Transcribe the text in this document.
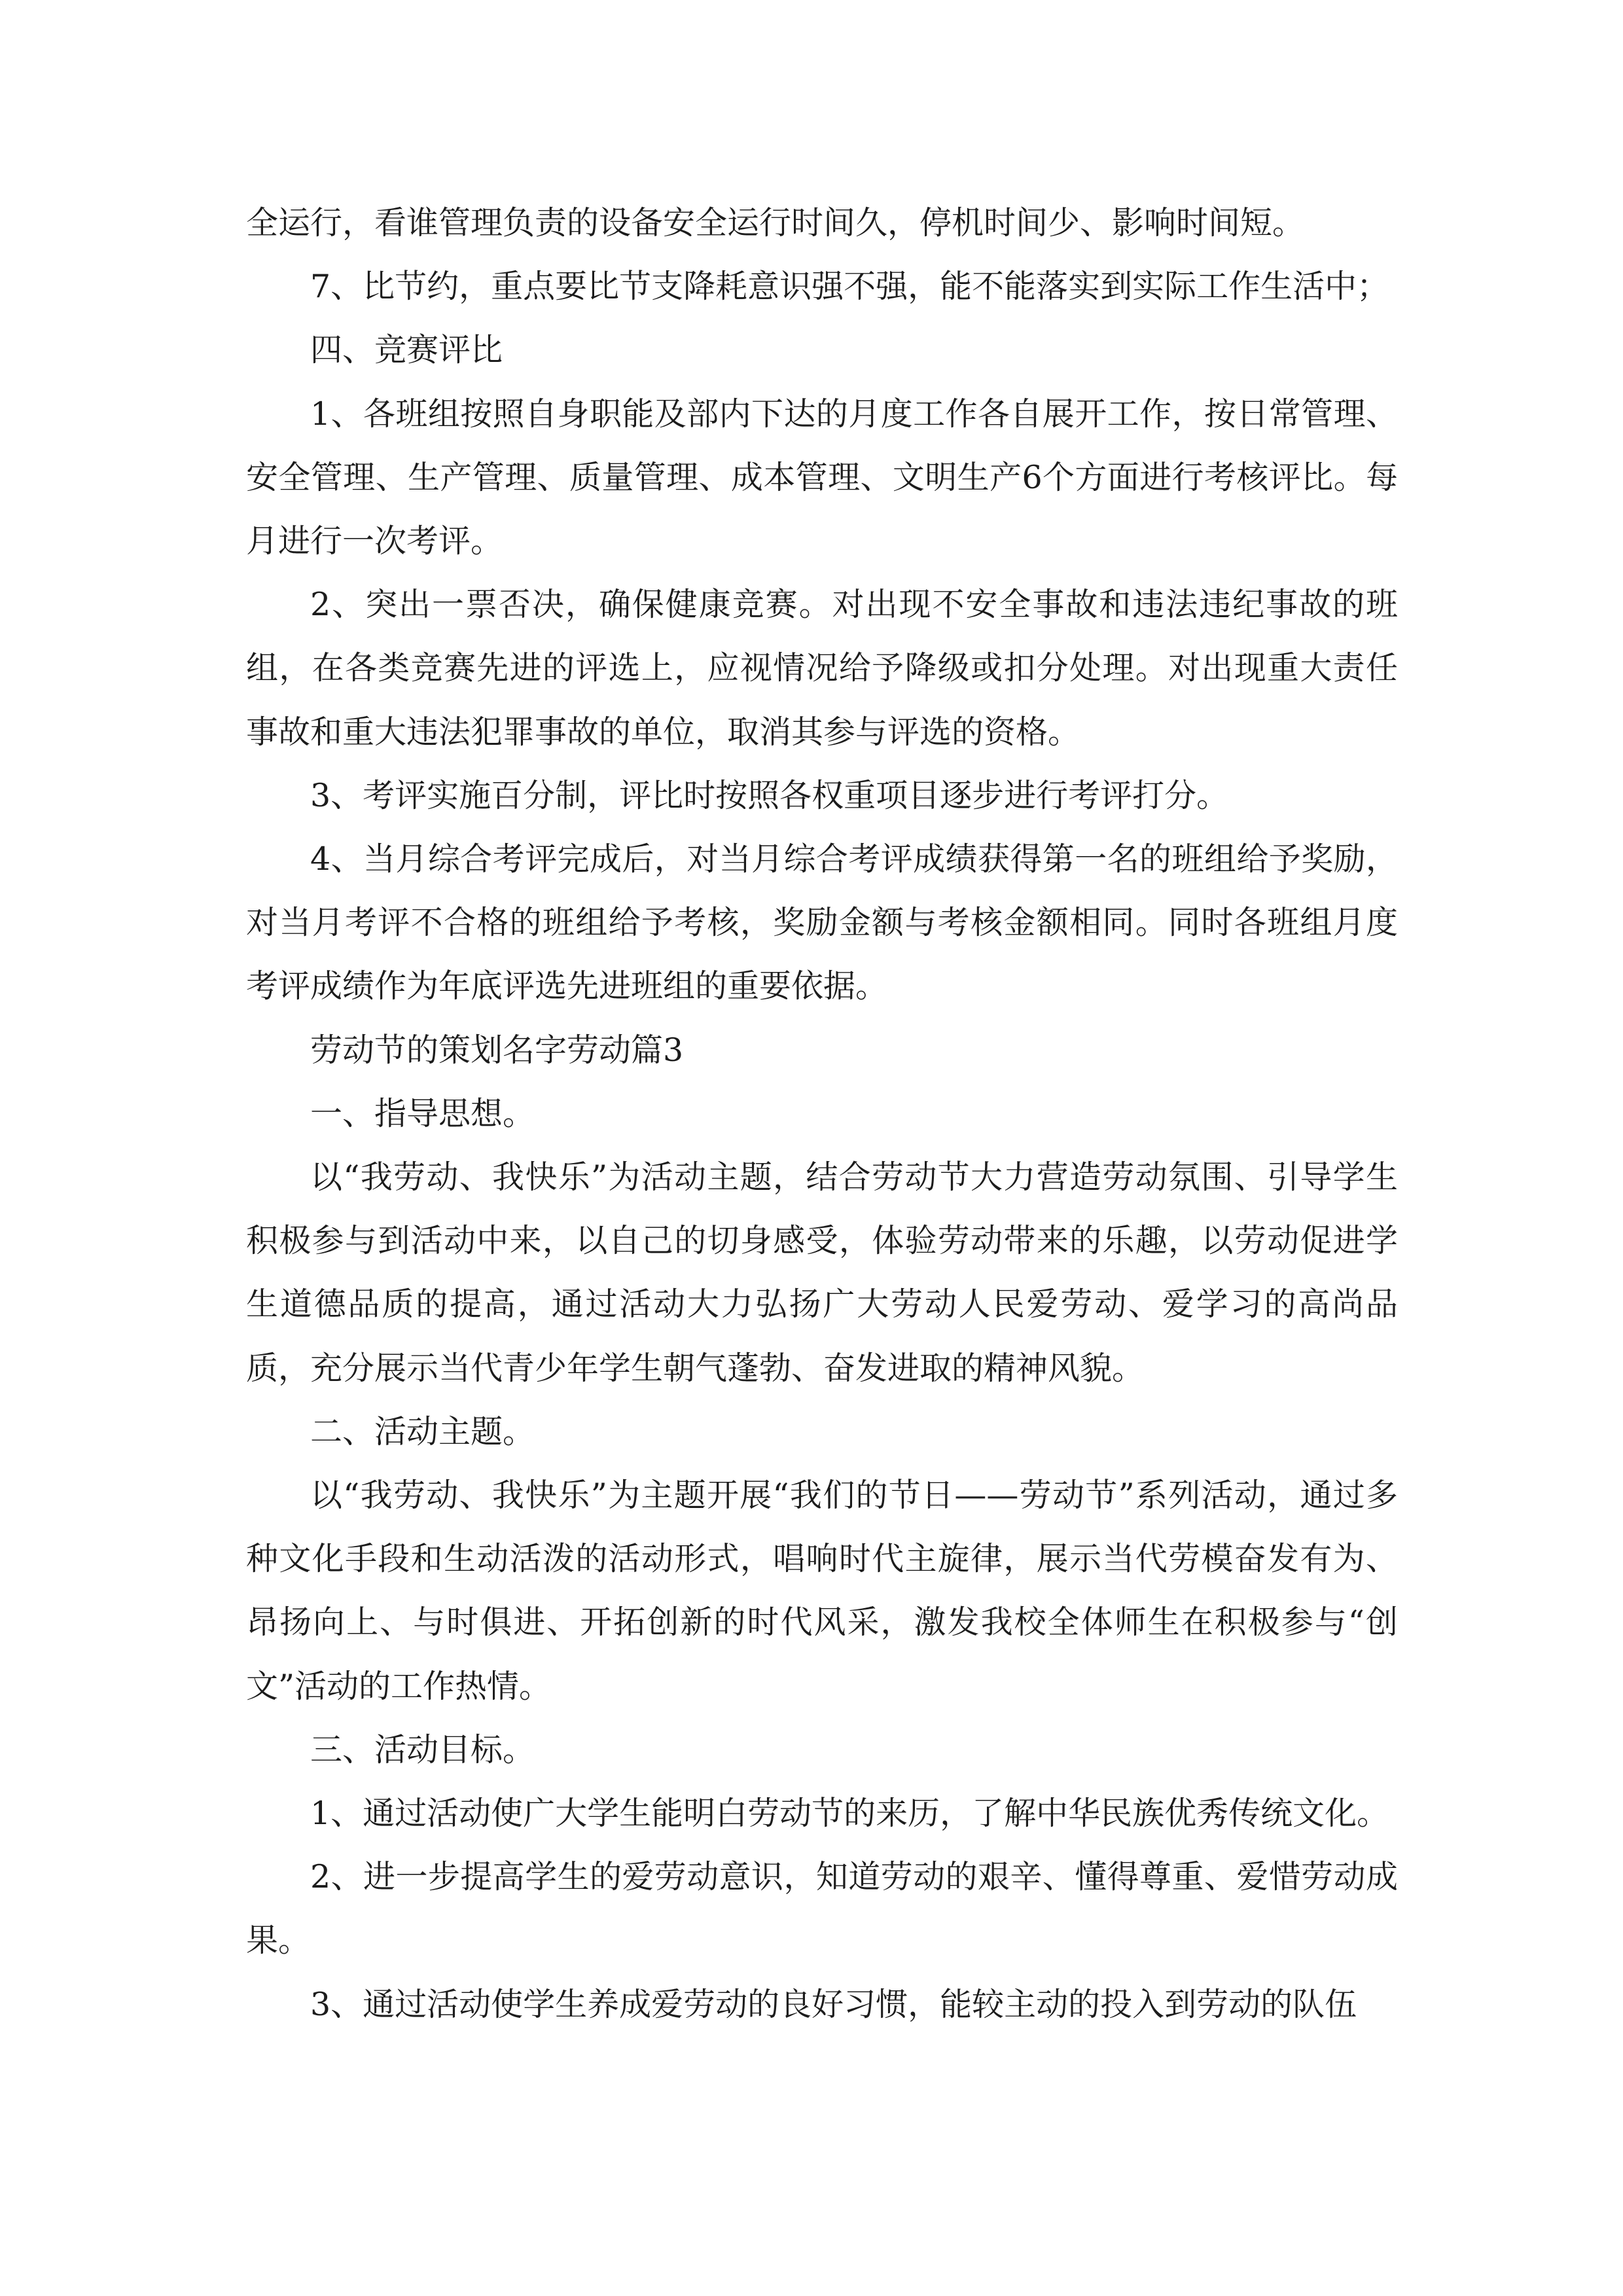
全运行，看谁管理负责的设备安全运行时间久，停机时间少、影响时间短。

7、比节约，重点要比节支降耗意识强不强，能不能落实到实际工作生活中；

四、竞赛评比

1、各班组按照自身职能及部内下达的月度工作各自展开工作，按日常管理、安全管理、生产管理、质量管理、成本管理、文明生产6个方面进行考核评比。每月进行一次考评。

2、突出一票否决，确保健康竞赛。对出现不安全事故和违法违纪事故的班组，在各类竞赛先进的评选上，应视情况给予降级或扣分处理。对出现重大责任事故和重大违法犯罪事故的单位，取消其参与评选的资格。

3、考评实施百分制，评比时按照各权重项目逐步进行考评打分。

4、当月综合考评完成后，对当月综合考评成绩获得第一名的班组给予奖励，对当月考评不合格的班组给予考核，奖励金额与考核金额相同。同时各班组月度考评成绩作为年底评选先进班组的重要依据。

劳动节的策划名字劳动篇3

一、指导思想。

以“我劳动、我快乐”为活动主题，结合劳动节大力营造劳动氛围、引导学生积极参与到活动中来，以自己的切身感受，体验劳动带来的乐趣，以劳动促进学生道德品质的提高，通过活动大力弘扬广大劳动人民爱劳动、爱学习的高尚品质，充分展示当代青少年学生朝气蓬勃、奋发进取的精神风貌。

二、活动主题。

以“我劳动、我快乐”为主题开展“我们的节日——劳动节”系列活动，通过多种文化手段和生动活泼的活动形式，唱响时代主旋律，展示当代劳模奋发有为、昂扬向上、与时俱进、开拓创新的时代风采，激发我校全体师生在积极参与“创文”活动的工作热情。

三、活动目标。

1、通过活动使广大学生能明白劳动节的来历，了解中华民族优秀传统文化。

2、进一步提高学生的爱劳动意识，知道劳动的艰辛、懂得尊重、爱惜劳动成果。

3、通过活动使学生养成爱劳动的良好习惯，能较主动的投入到劳动的队伍
